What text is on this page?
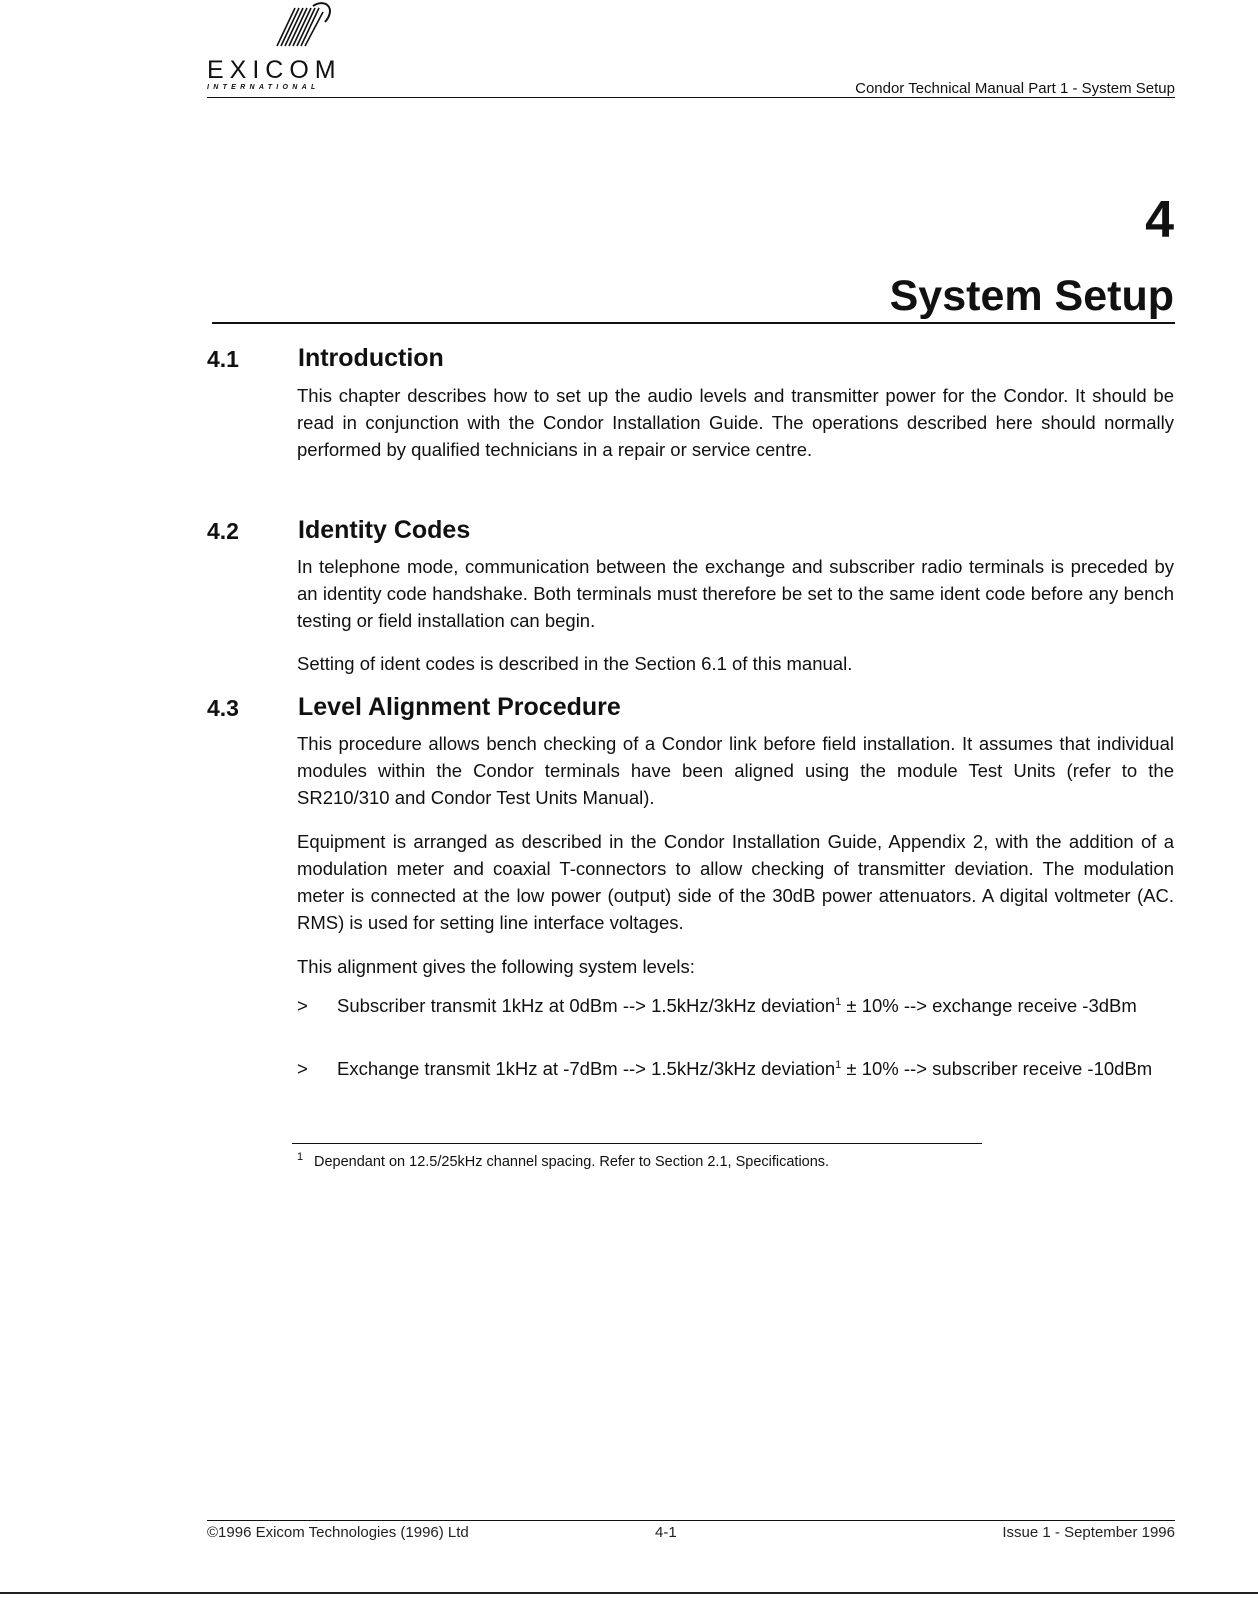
EXICOM
INTERNATIONAL	Condor Technical Manual Part 1 - System Setup
4
System Setup
4.1 Introduction

This chapter describes how to set up the audio levels and transmitter power for the Condor. It should be read in conjunction with the Condor Installation Guide. The operations described here should normally performed by qualified technicians in a repair or service centre.

4.2 Identity Codes

In telephone mode, communication between the exchange and subscriber radio terminals is preceded by an identity code handshake. Both terminals must therefore be set to the same ident code before any bench testing or field installation can begin.

Setting of ident codes is described in the Section 6.1 of this manual.

4.3 Level Alignment Procedure

This procedure allows bench checking of a Condor link before field installation. It assumes that individual modules within the Condor terminals have been aligned using the module Test Units (refer to the SR210/310 and Condor Test Units Manual).

Equipment is arranged as described in the Condor Installation Guide, Appendix 2, with the addition of a modulation meter and coaxial T-connectors to allow checking of transmitter deviation. The modulation meter is connected at the low power (output) side of the 30dB power attenuators. A digital voltmeter (AC. RMS) is used for setting line interface voltages.

This alignment gives the following system levels:

> Subscriber transmit 1kHz at 0dBm --> 1.5kHz/3kHz deviation$^1$ ± 10% --> exchange receive -3dBm

> Exchange transmit 1kHz at -7dBm --> 1.5kHz/3kHz deviation$^1$ ± 10% --> subscriber receive -10dBm

1 Dependant on 12.5/25kHz channel spacing. Refer to Section 2.1, Specifications.
©1996 Exicom Technologies (1996) Ltd	4-1	Issue 1 - September 1996
